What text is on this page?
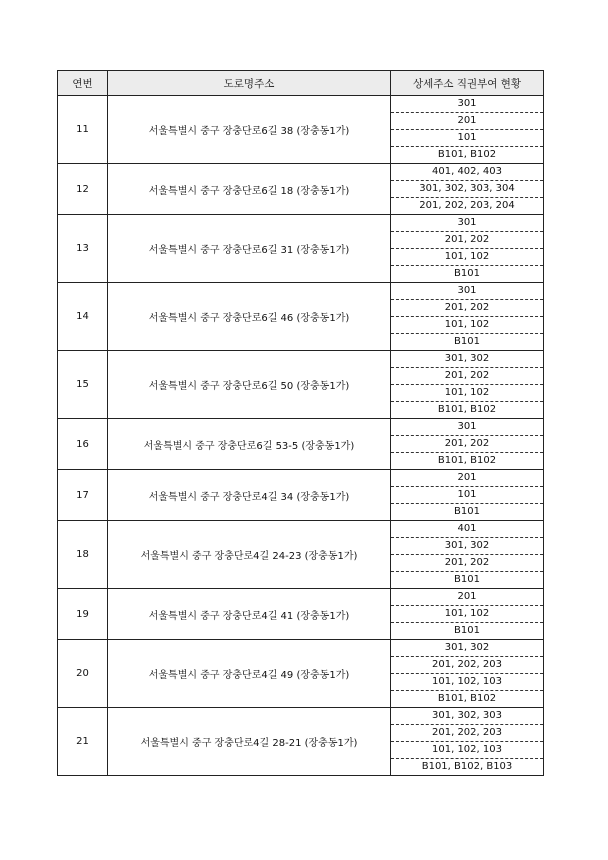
연번	도로명주소	상세주소 직권부여 현황
11	서울특별시 중구 장충단로6길 38 (장충동1가)	301
		201
		101
		B101, B102
12	서울특별시 중구 장충단로6길 18 (장충동1가)	401, 402, 403
		301, 302, 303, 304
		201, 202, 203, 204
13	서울특별시 중구 장충단로6길 31 (장충동1가)	301
		201, 202
		101, 102
		B101
14	서울특별시 중구 장충단로6길 46 (장충동1가)	301
		201, 202
		101, 102
		B101
15	서울특별시 중구 장충단로6길 50 (장충동1가)	301, 302
		201, 202
		101, 102
		B101, B102
16	서울특별시 중구 장충단로6길 53-5 (장충동1가)	301
		201, 202
		B101, B102
17	서울특별시 중구 장충단로4길 34 (장충동1가)	201
		101
		B101
18	서울특별시 중구 장충단로4길 24-23 (장충동1가)	401
		301, 302
		201, 202
		B101
19	서울특별시 중구 장충단로4길 41 (장충동1가)	201
		101, 102
		B101
20	서울특별시 중구 장충단로4길 49 (장충동1가)	301, 302
		201, 202, 203
		101, 102, 103
		B101, B102
21	서울특별시 중구 장충단로4길 28-21 (장충동1가)	301, 302, 303
		201, 202, 203
		101, 102, 103
		B101, B102, B103
